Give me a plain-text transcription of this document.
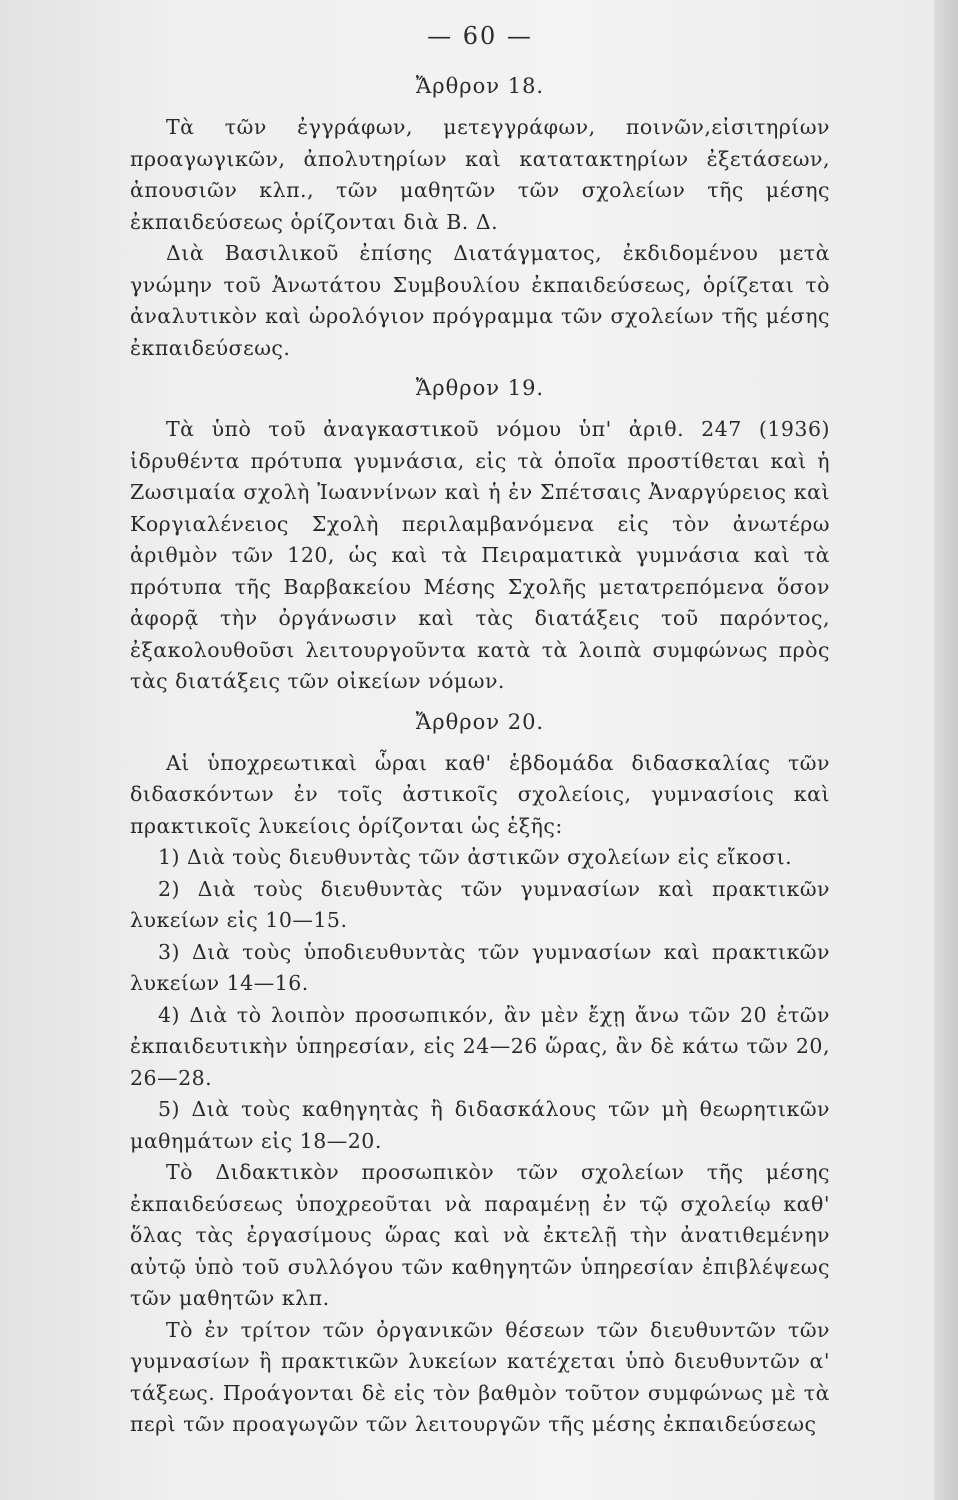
— 60 —
Ἄρθρον 18.

Τὰ τῶν ἐγγράφων, μετεγγράφων, ποινῶν,εἰσιτηρίων προαγωγικῶν, ἀπολυτηρίων καὶ κατατακτηρίων ἐξετάσεων, ἀπουσιῶν κλπ., τῶν μαθητῶν τῶν σχολείων τῆς μέσης ἐκπαιδεύσεως ὁρίζονται διὰ Β. Δ.

Διὰ Βασιλικοῦ ἐπίσης Διατάγματος, ἐκδιδομένου μετὰ γνώμην τοῦ Ἀνωτάτου Συμβουλίου ἐκπαιδεύσεως, ὁρίζεται τὸ ἀναλυτικὸν καὶ ὡρολόγιον πρόγραμμα τῶν σχολείων τῆς μέσης ἐκπαιδεύσεως.

Ἄρθρον 19.

Τὰ ὑπὸ τοῦ ἀναγκαστικοῦ νόμου ὑπ' ἀριθ. 247 (1936) ἱδρυθέντα πρότυπα γυμνάσια, εἰς τὰ ὁποῖα προστίθεται καὶ ἡ Ζωσιμαία σχολὴ Ἰωαννίνων καὶ ἡ ἐν Σπέτσαις Ἀναργύρειος καὶ Κοργιαλένειος Σχολὴ περιλαμβανόμενα εἰς τὸν ἀνωτέρω ἀριθμὸν τῶν 120, ὡς καὶ τὰ Πειραματικὰ γυμνάσια καὶ τὰ πρότυπα τῆς Βαρβακείου Μέσης Σχολῆς μετατρεπόμενα ὅσον ἀφορᾷ τὴν ὀργάνωσιν καὶ τὰς διατάξεις τοῦ παρόντος, ἐξακολουθοῦσι λειτουργοῦντα κατὰ τὰ λοιπὰ συμφώνως πρὸς τὰς διατάξεις τῶν οἰκείων νόμων.

Ἄρθρον 20.

Αἱ ὑποχρεωτικαὶ ὧραι καθ' ἑβδομάδα διδασκαλίας τῶν διδασκόντων ἐν τοῖς ἀστικοῖς σχολείοις, γυμνασίοις καὶ πρακτικοῖς λυκείοις ὁρίζονται ὡς ἑξῆς:

1) Διὰ τοὺς διευθυντὰς τῶν ἀστικῶν σχολείων εἰς εἴκοσι.

2) Διὰ τοὺς διευθυντὰς τῶν γυμνασίων καὶ πρακτικῶν λυκείων εἰς 10—15.

3) Διὰ τοὺς ὑποδιευθυντὰς τῶν γυμνασίων καὶ πρακτικῶν λυκείων 14—16.

4) Διὰ τὸ λοιπὸν προσωπικόν, ἂν μὲν ἔχῃ ἄνω τῶν 20 ἐτῶν ἐκπαιδευτικὴν ὑπηρεσίαν, εἰς 24—26 ὥρας, ἂν δὲ κάτω τῶν 20, 26—28.

5) Διὰ τοὺς καθηγητὰς ἢ διδασκάλους τῶν μὴ θεωρητικῶν μαθημάτων εἰς 18—20.

Τὸ Διδακτικὸν προσωπικὸν τῶν σχολείων τῆς μέσης ἐκπαιδεύσεως ὑποχρεοῦται νὰ παραμένῃ ἐν τῷ σχολείῳ καθ' ὅλας τὰς ἐργασίμους ὥρας καὶ νὰ ἐκτελῇ τὴν ἀνατιθεμένην αὐτῷ ὑπὸ τοῦ συλλόγου τῶν καθηγητῶν ὑπηρεσίαν ἐπιβλέψεως τῶν μαθητῶν κλπ.

Τὸ ἐν τρίτον τῶν ὀργανικῶν θέσεων τῶν διευθυντῶν τῶν γυμνασίων ἢ πρακτικῶν λυκείων κατέχεται ὑπὸ διευθυντῶν α' τάξεως. Προάγονται δὲ εἰς τὸν βαθμὸν τοῦτον συμφώνως μὲ τὰ περὶ τῶν προαγωγῶν τῶν λειτουργῶν τῆς μέσης ἐκπαιδεύσεως
